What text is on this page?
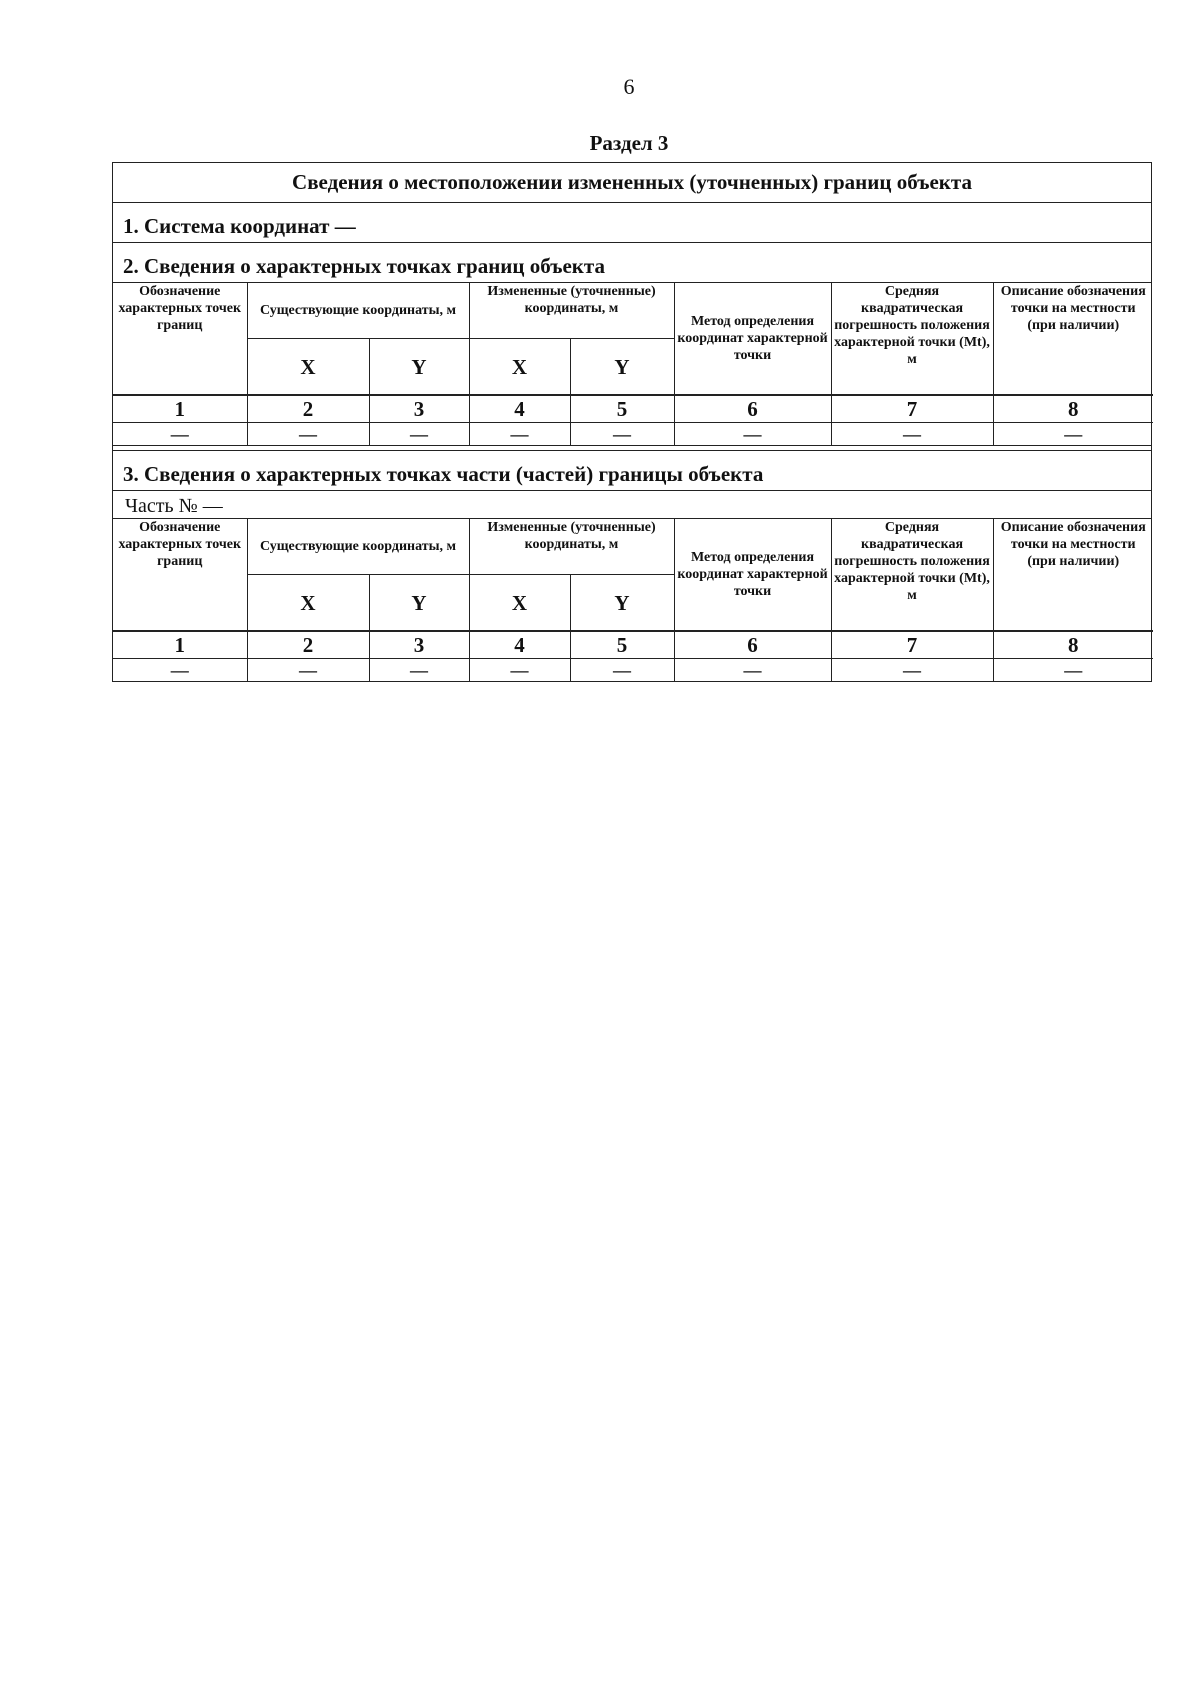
6
Раздел 3
Сведения о местоположении измененных (уточненных) границ объекта
1. Система координат —
2. Сведения о характерных точках границ объекта
Обозначение характерных точек границ	Существующие координаты, м		Измененные (уточненные) координаты, м		Метод определения координат характерной точки	Средняя квадратическая погрешность положения характерной точки (Mt), м	Описание обозначения точки на местности (при наличии)
	X	Y	X	Y			
1	2	3	4	5	6	7	8
—	—	—	—	—	—	—	—
3. Сведения о характерных точках части (частей) границы объекта
Часть № —
Обозначение характерных точек границ	Существующие координаты, м		Измененные (уточненные) координаты, м		Метод определения координат характерной точки	Средняя квадратическая погрешность положения характерной точки (Mt), м	Описание обозначения точки на местности (при наличии)
	X	Y	X	Y			
1	2	3	4	5	6	7	8
—	—	—	—	—	—	—	—
